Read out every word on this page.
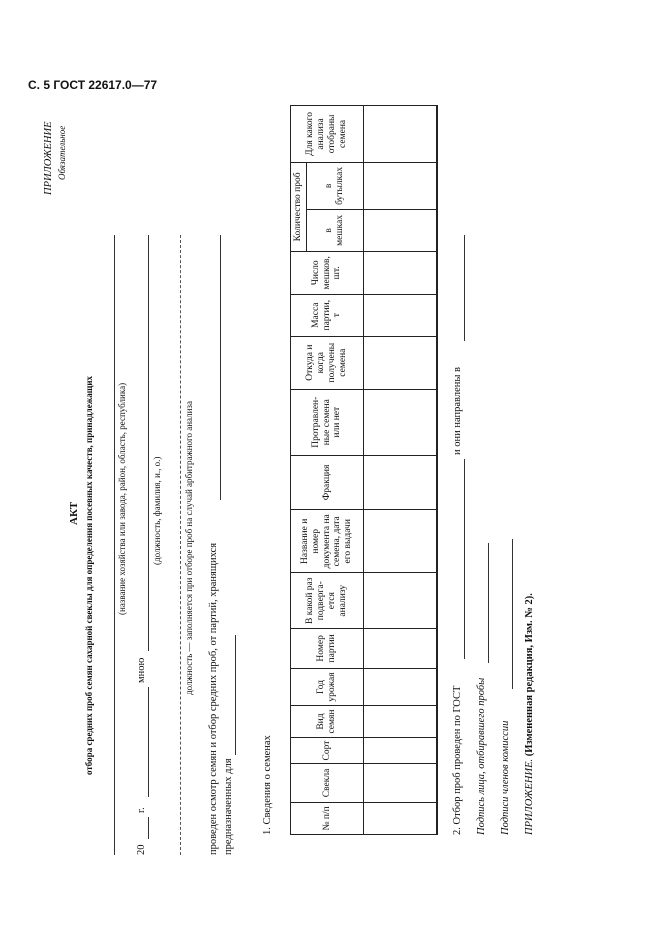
С. 5 ГОСТ 22617.0—77
ПРИЛОЖЕНИЕ Обязательное
АКТ отбора средних проб семян сахарной свеклы для определения посевных качеств, принадлежащих	(название хозяйства или завода, район, область, республика)
20
г.
мною
(должность, фамилия, и., о.) должность — заполняется при отборе проб на случай арбитражного анализа проведен осмотр семян и отбор средних проб, от партий, хранящихся предназначенных для	1. Сведения о семенах	№ п/п	Свекла	Сорт	Вид семян	Год урожая	Номер партии	В какой раз подверга-ется анализу	Название и номер документа на семена, дата его выдачи	Фракция	Протравлен-ные семена или нет	Откуда и когда получены семена	Масса партии, т	Число мешков, шт.	Количество проб		Для какого анализа отобраны семена
													в мешках	в бутылках	

2. Отбор проб проведен по ГОСТ
и они направлены в
Подпись лица, отбиравшего пробы Подписи членов комиссии ПРИЛОЖЕНИЕ. (Измененная редакция, Изм. № 2).
